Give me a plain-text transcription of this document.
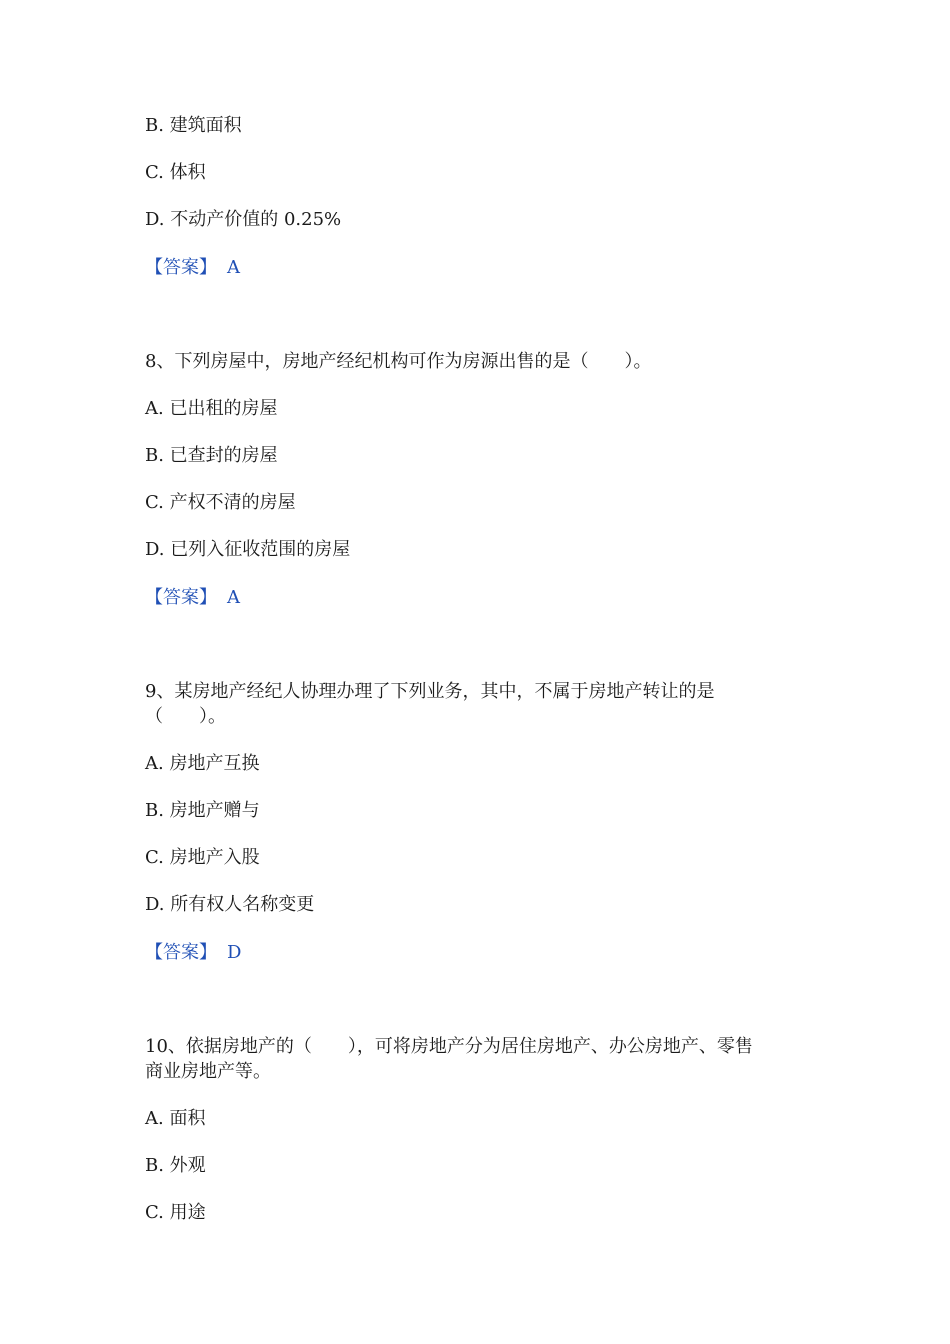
B. 建筑面积
C. 体积
D. 不动产价值的 0.25%
【答案】 A
8、下列房屋中，房地产经纪机构可作为房源出售的是（　　）。
A. 已出租的房屋
B. 已查封的房屋
C. 产权不清的房屋
D. 已列入征收范围的房屋
【答案】 A
9、某房地产经纪人协理办理了下列业务，其中，不属于房地产转让的是
（　　）。
A. 房地产互换
B. 房地产赠与
C. 房地产入股
D. 所有权人名称变更
【答案】 D
10、依据房地产的（　　），可将房地产分为居住房地产、办公房地产、零售
商业房地产等。
A. 面积
B. 外观
C. 用途
